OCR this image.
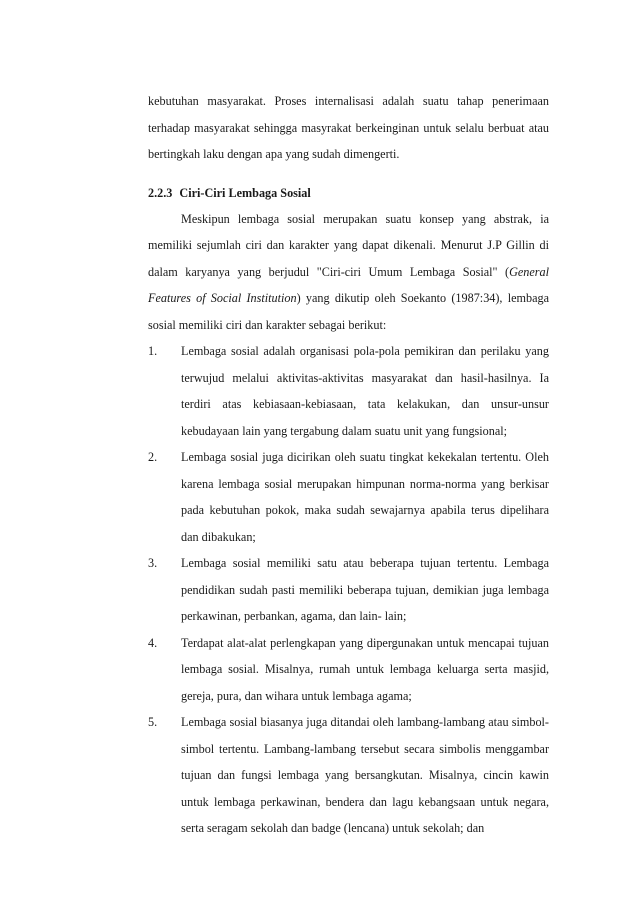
kebutuhan masyarakat. Proses internalisasi adalah suatu tahap penerimaan terhadap masyarakat sehingga masyrakat berkeinginan untuk selalu berbuat atau bertingkah laku dengan apa yang sudah dimengerti.

2.2.3 Ciri-Ciri Lembaga Sosial

Meskipun lembaga sosial merupakan suatu konsep yang abstrak, ia memiliki sejumlah ciri dan karakter yang dapat dikenali. Menurut J.P Gillin di dalam karyanya yang berjudul "Ciri-ciri Umum Lembaga Sosial" (General Features of Social Institution) yang dikutip oleh Soekanto (1987:34), lembaga sosial memiliki ciri dan karakter sebagai berikut:

1. Lembaga sosial adalah organisasi pola-pola pemikiran dan perilaku yang terwujud melalui aktivitas-aktivitas masyarakat dan hasil-hasilnya. Ia terdiri atas kebiasaan-kebiasaan, tata kelakukan, dan unsur-unsur kebudayaan lain yang tergabung dalam suatu unit yang fungsional;
2. Lembaga sosial juga dicirikan oleh suatu tingkat kekekalan tertentu. Oleh karena lembaga sosial merupakan himpunan norma-norma yang berkisar pada kebutuhan pokok, maka sudah sewajarnya apabila terus dipelihara dan dibakukan;
3. Lembaga sosial memiliki satu atau beberapa tujuan tertentu. Lembaga pendidikan sudah pasti memiliki beberapa tujuan, demikian juga lembaga perkawinan, perbankan, agama, dan lain- lain;
4. Terdapat alat-alat perlengkapan yang dipergunakan untuk mencapai tujuan lembaga sosial. Misalnya, rumah untuk lembaga keluarga serta masjid, gereja, pura, dan wihara untuk lembaga agama;
5. Lembaga sosial biasanya juga ditandai oleh lambang-lambang atau simbol-simbol tertentu. Lambang-lambang tersebut secara simbolis menggambar tujuan dan fungsi lembaga yang bersangkutan. Misalnya, cincin kawin untuk lembaga perkawinan, bendera dan lagu kebangsaan untuk negara, serta seragam sekolah dan badge (lencana) untuk sekolah; dan
